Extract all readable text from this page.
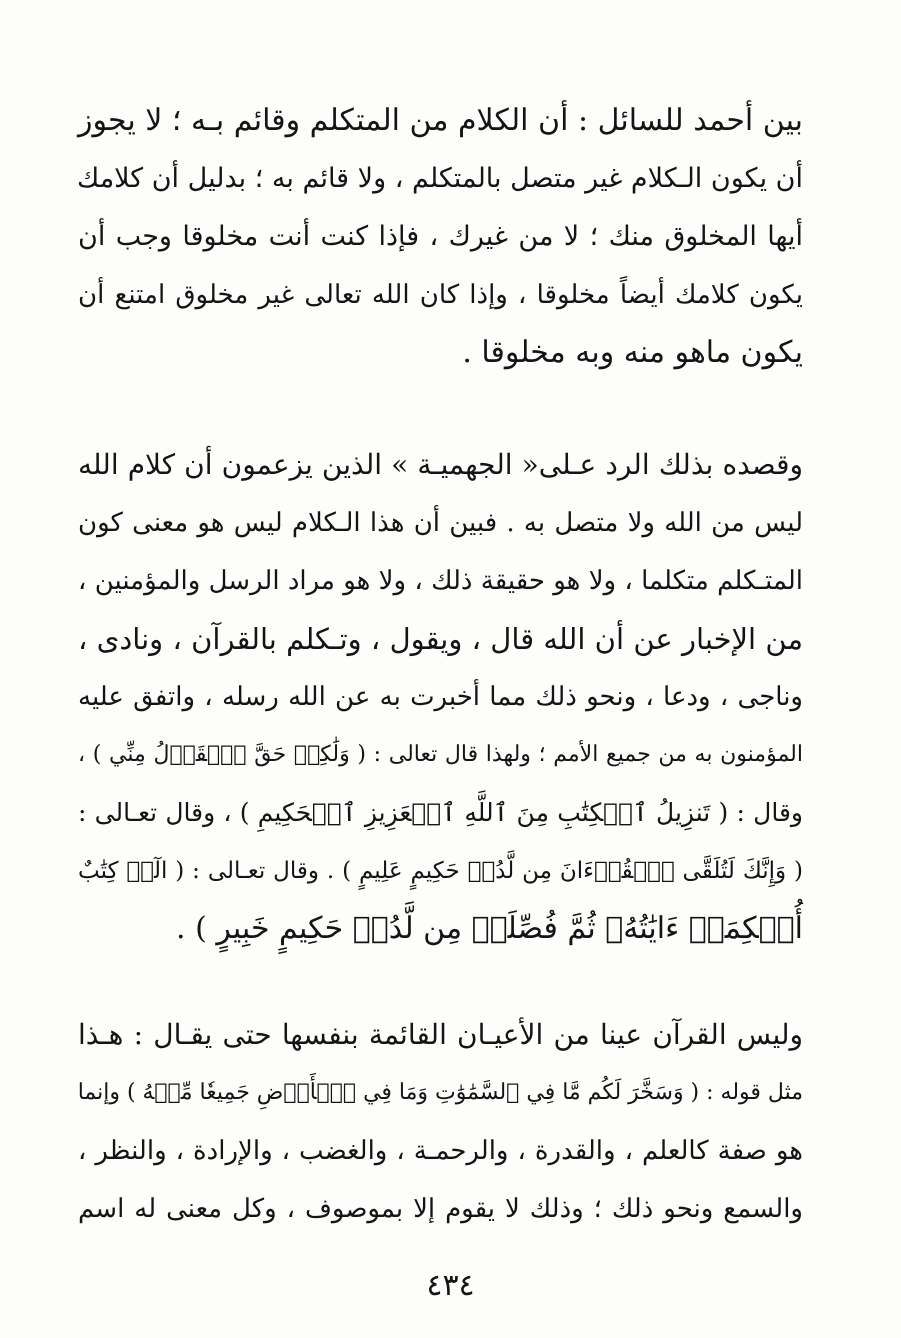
بين أحمد للسائل : أن الكلام من المتكلم وقائم بـه ؛ لا يجوز
أن يكون الـكلام غير متصل بالمتكلم ، ولا قائم به ؛ بدليل أن كلامك
أيها المخلوق منك ؛ لا من غيرك ، فإذا كنت أنت مخلوقا وجب أن
يكون كلامك أيضاً مخلوقا ، وإذا كان الله تعالى غير مخلوق امتنع أن
يكون ماهو منه وبه مخلوقا .
وقصده بذلك الرد عـلى« الجهميـة » الذين يزعمون أن كلام الله
ليس من الله ولا متصل به . فبين أن هذا الـكلام ليس هو معنى كون
المتـكلم متكلما ، ولا هو حقيقة ذلك ، ولا هو مراد الرسل والمؤمنين ،
من الإخبار عن أن الله قال ، ويقول ، وتـكلم بالقرآن ، ونادى ،
وناجى ، ودعا ، ونحو ذلك مما أخبرت به عن الله رسله ، واتفق عليه
المؤمنون به من جميع الأمم ؛ ولهذا قال تعالى : ( وَلَٰكِنۡ حَقَّ ٱلۡقَوۡلُ مِنِّي ) ،
وقال : ( تَنزِيلُ ٱلۡكِتَٰبِ مِنَ ٱللَّهِ ٱلۡعَزِيزِ ٱلۡحَكِيمِ ) ، وقال تعـالى :
( وَإِنَّكَ لَتُلَقَّى ٱلۡقُرۡءَانَ مِن لَّدُنۡ حَكِيمٍ عَلِيمٍ ) . وقال تعـالى : ( الٓرۚ كِتَٰبٌ
أُحۡكِمَتۡ ءَايَٰتُهُۥ ثُمَّ فُصِّلَتۡ مِن لَّدُنۡ حَكِيمٍ خَبِيرٍ ) .
وليس القرآن عينا من الأعيـان القائمة بنفسها حتى يقـال : هـذا
مثل قوله : ( وَسَخَّرَ لَكُم مَّا فِي ٱلسَّمَٰوَٰتِ وَمَا فِي ٱلۡأَرۡضِ جَمِيعٗا مِّنۡهُ ) وإنما
هو صفة كالعلم ، والقدرة ، والرحمـة ، والغضب ، والإرادة ، والنظر ،
والسمع ونحو ذلك ؛ وذلك لا يقوم إلا بموصوف ، وكل معنى له اسم
٤٣٤
